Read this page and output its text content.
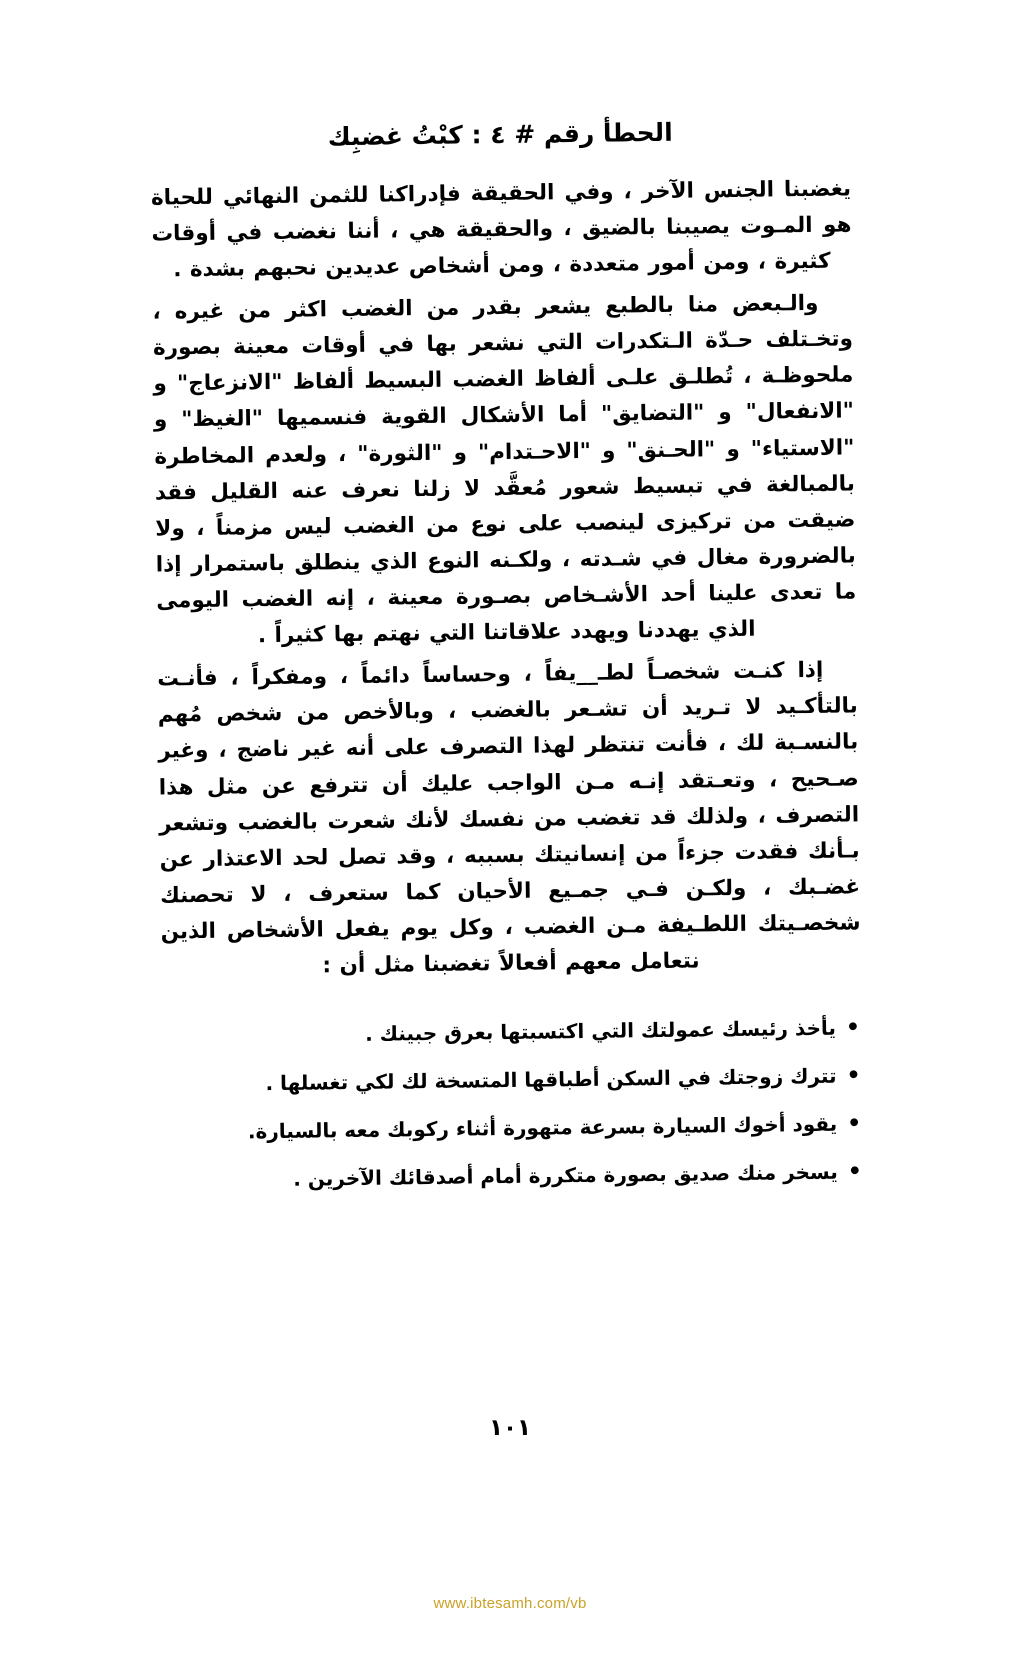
الحطأ رقم # ٤ : كبْتُ غضبِك

يغضبنا الجنس الآخر ، وفي الحقيقة فإدراكنا للثمن النهائي للحياة هو المـوت يصيبنا بالضيق ، والحقيقة هي ، أننا نغضب في أوقات كثيرة ، ومن أمور متعددة ، ومن أشخاص عديدين نحبهم بشدة .

والـبعض منا بالطبع يشعر بقدر من الغضب اكثر من غيره ، وتخـتلف حـدّة الـتكدرات التي نشعر بها في أوقات معينة بصورة ملحوظـة ، تُطلـق علـى ألفاظ الغضب البسيط ألفاظ "الانزعاج" و "الانفعال" و "التضايق" أما الأشكال القوية فنسميها "الغيظ" و "الاستياء" و "الحـنق" و "الاحـتدام" و "الثورة" ، ولعدم المخاطرة بالمبالغة في تبسيط شعور مُعقَّد لا زلنا نعرف عنه القليل فقد ضيقت من تركيزى لينصب على نوع من الغضب ليس مزمناً ، ولا بالضرورة مغال في شـدته ، ولكـنه النوع الذي ينطلق باستمرار إذا ما تعدى علينا أحد الأشـخاص بصـورة معينة ، إنه الغضب اليومى الذي يهددنا ويهدد علاقاتنا التي نهتم بها كثيراً .

إذا كنـت شخصـاً لطـ__يفاً ، وحساساً دائماً ، ومفكراً ، فأنـت بالتأكـيد لا تـريد أن تشـعر بالغضب ، وبالأخص من شخص مُهم بالنسـبة لك ، فأنت تنتظر لهذا التصرف على أنه غير ناضج ، وغير صـحيح ، وتعـتقد إنـه مـن الواجب عليك أن تترفع عن مثل هذا التصرف ، ولذلك قد تغضب من نفسك لأنك شعرت بالغضب وتشعر بـأنك فقدت جزءاً من إنسانيتك بسببه ، وقد تصل لحد الاعتذار عن غضـبك ، ولكـن فـي جمـيع الأحيان كما ستعرف ، لا تحصنك شخصـيتك اللطـيفة مـن الغضب ، وكل يوم يفعل الأشخاص الذين نتعامل معهم أفعالاً تغضبنا مثل أن :

• يأخذ رئيسك عمولتك التي اكتسبتها بعرق جبينك .
• تترك زوجتك في السكن أطباقها المتسخة لك لكي تغسلها .
• يقود أخوك السيارة بسرعة متهورة أثناء ركوبك معه بالسيارة.
• يسخر منك صديق بصورة متكررة أمام أصدقائك الآخرين .
١٠١
www.ibtesamh.com/vb
